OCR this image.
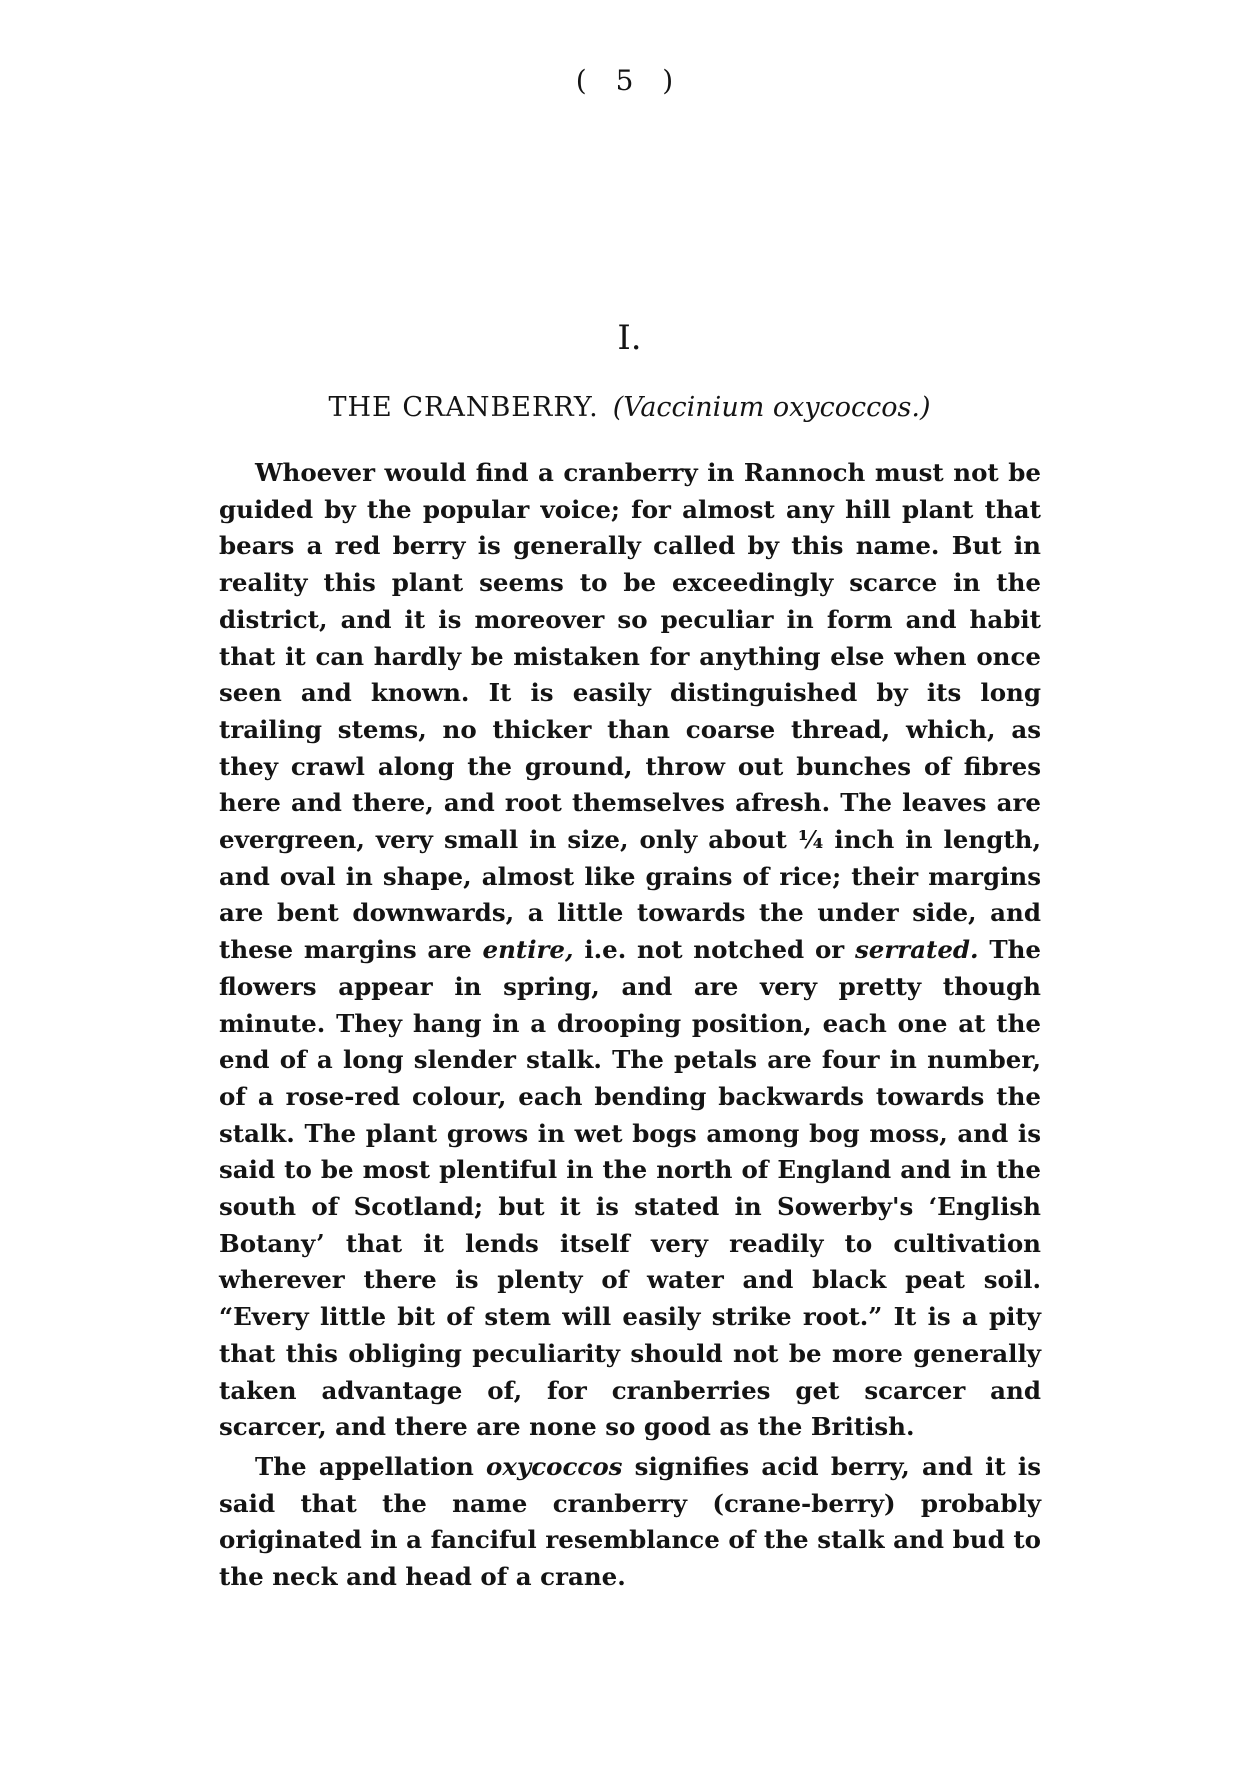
( 5 )
I.
THE CRANBERRY. (Vaccinium oxycoccos.)

Whoever would find a cranberry in Rannoch must not be guided by the popular voice; for almost any hill plant that bears a red berry is generally called by this name. But in reality this plant seems to be exceedingly scarce in the district, and it is moreover so peculiar in form and habit that it can hardly be mistaken for anything else when once seen and known. It is easily distinguished by its long trailing stems, no thicker than coarse thread, which, as they crawl along the ground, throw out bunches of fibres here and there, and root themselves afresh. The leaves are evergreen, very small in size, only about ¼ inch in length, and oval in shape, almost like grains of rice; their margins are bent downwards, a little towards the under side, and these margins are entire, i.e. not notched or serrated. The flowers appear in spring, and are very pretty though minute. They hang in a drooping position, each one at the end of a long slender stalk. The petals are four in number, of a rose-red colour, each bending backwards towards the stalk. The plant grows in wet bogs among bog moss, and is said to be most plentiful in the north of England and in the south of Scotland; but it is stated in Sowerby's ‘English Botany’ that it lends itself very readily to cultivation wherever there is plenty of water and black peat soil. “Every little bit of stem will easily strike root.” It is a pity that this obliging peculiarity should not be more generally taken advantage of, for cranberries get scarcer and scarcer, and there are none so good as the British.

The appellation oxycoccos signifies acid berry, and it is said that the name cranberry (crane-berry) probably originated in a fanciful resemblance of the stalk and bud to the neck and head of a crane.
